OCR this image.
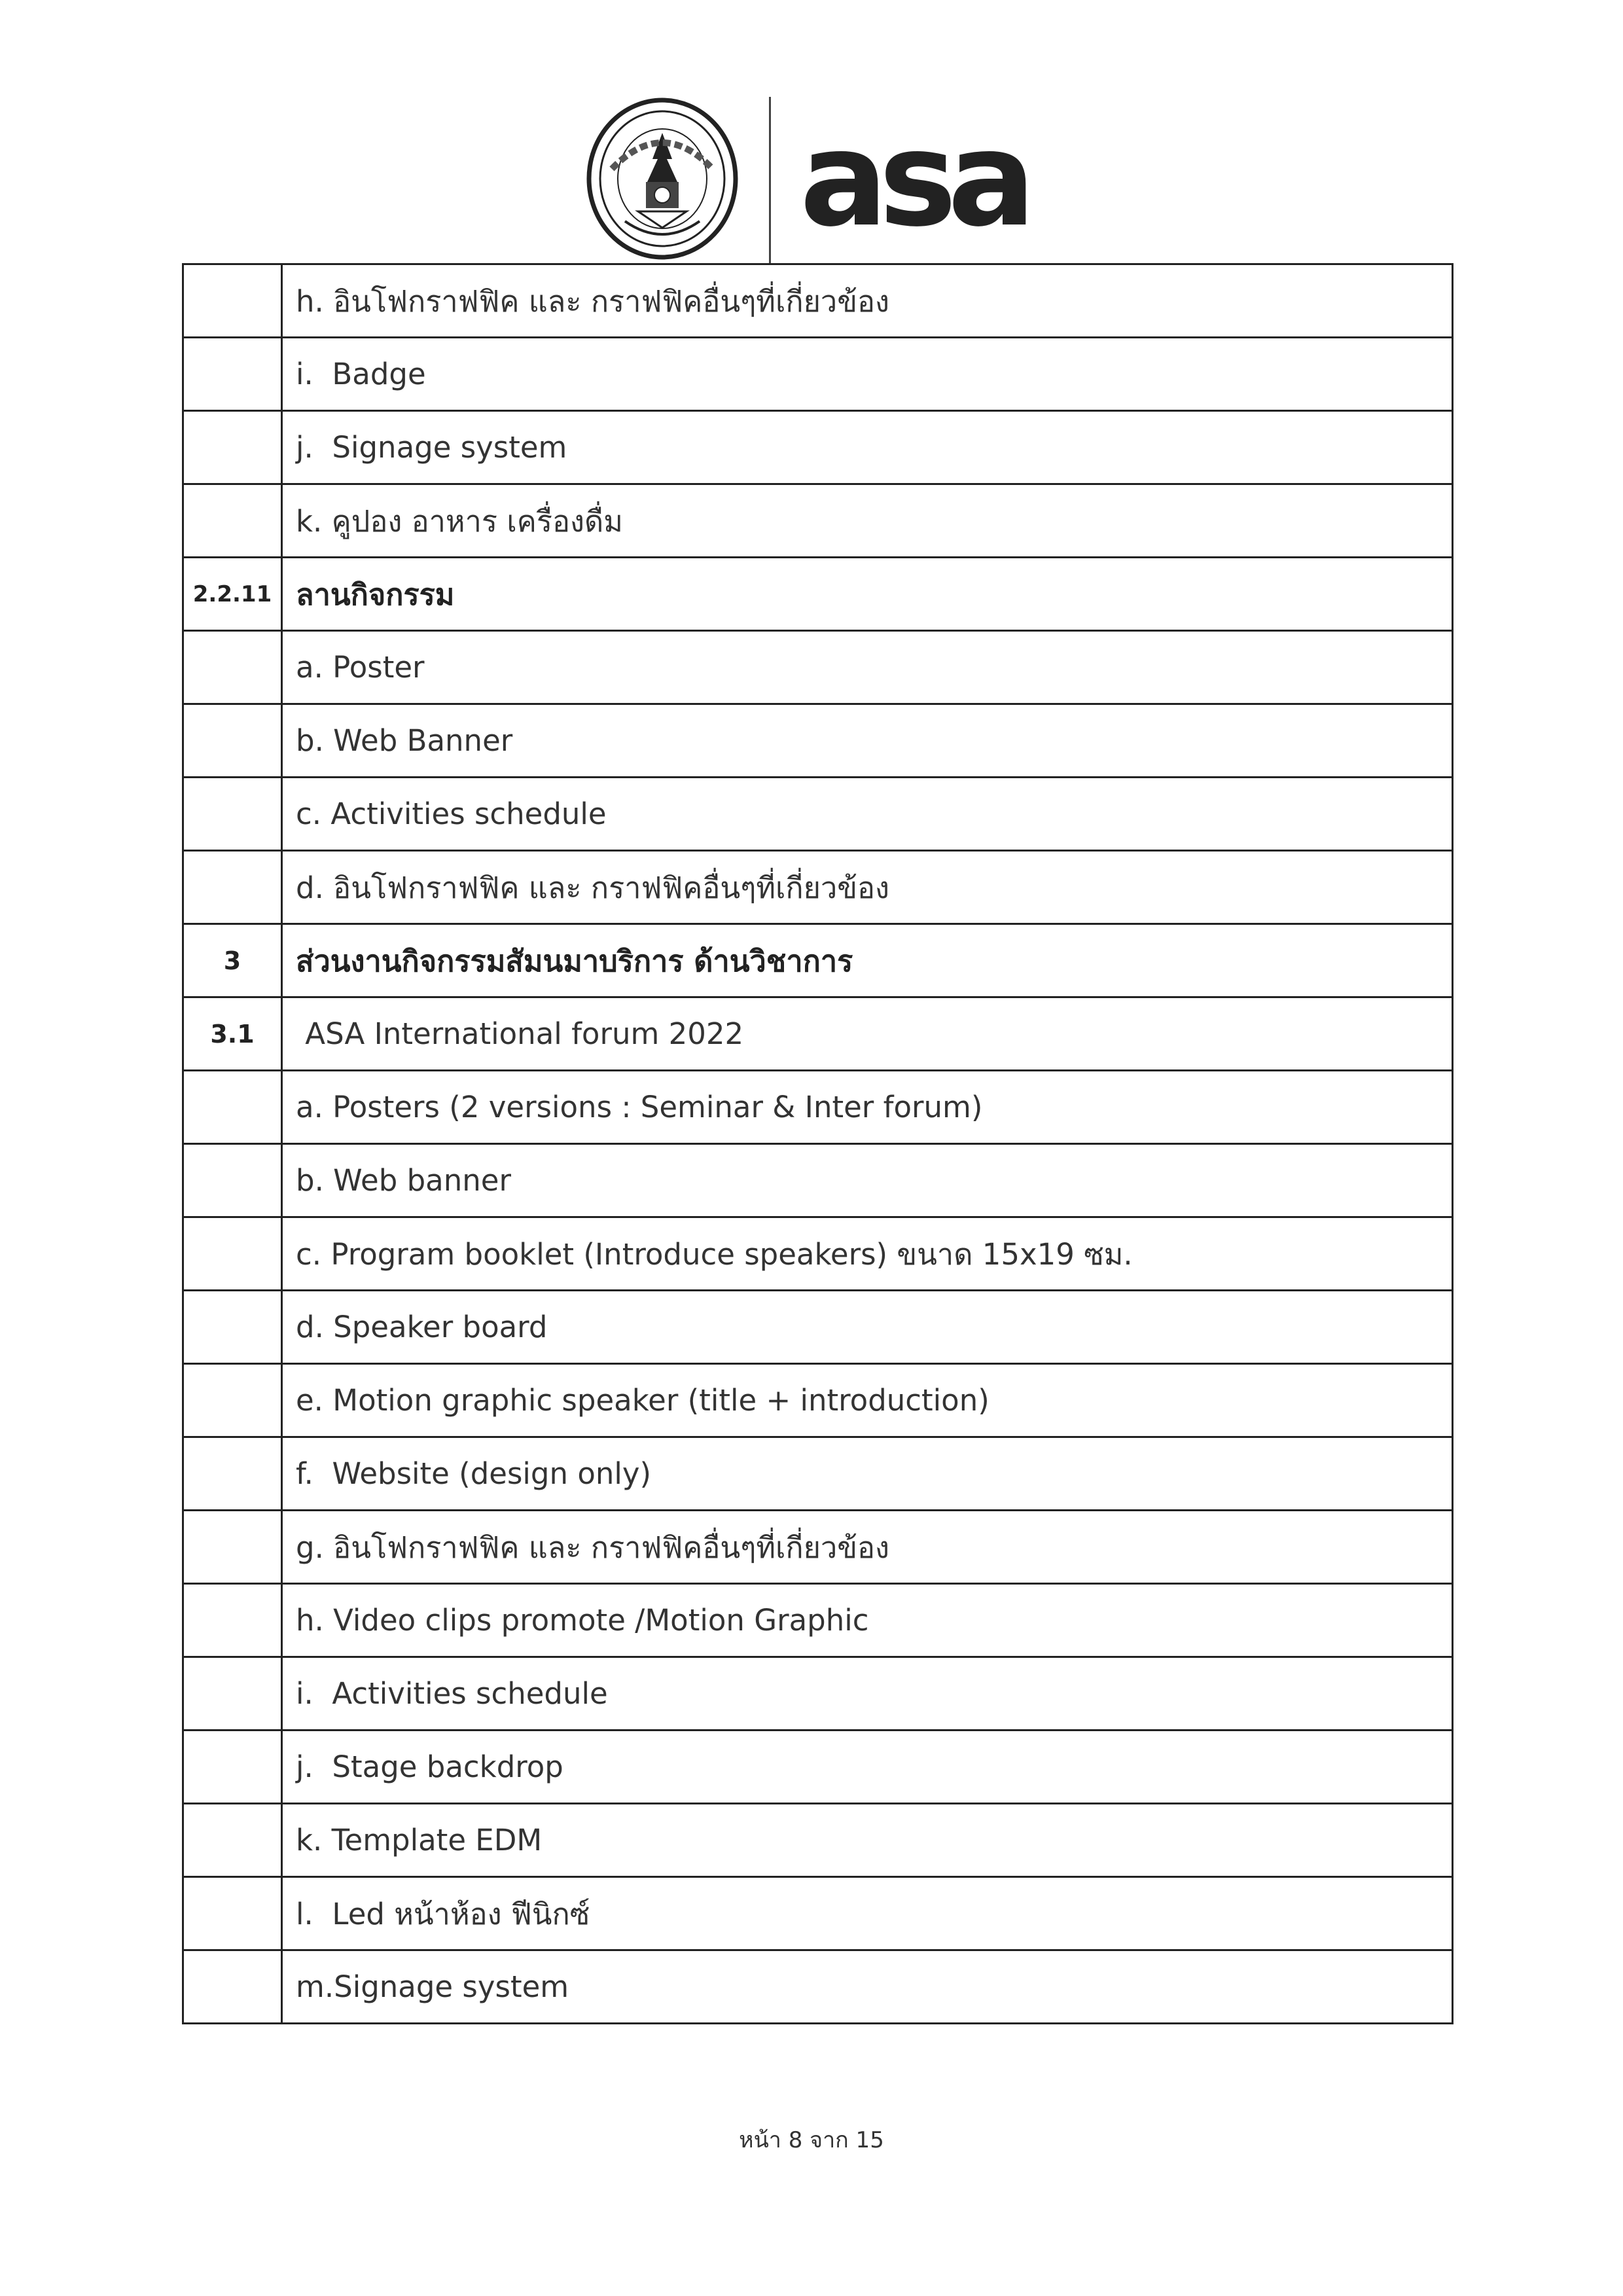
asa
	h. อินโฟกราฟฟิค และ กราฟฟิคอื่นๆที่เกี่ยวข้อง
	i.  Badge
	j.  Signage system
	k. คูปอง อาหาร เครื่องดื่ม
2.2.11	ลานกิจกรรม
	a. Poster
	b. Web Banner
	c. Activities schedule
	d. อินโฟกราฟฟิค และ กราฟฟิคอื่นๆที่เกี่ยวข้อง
3	ส่วนงานกิจกรรมสัมนมาบริการ ด้านวิชาการ
3.1	ASA International forum 2022
	a. Posters (2 versions : Seminar & Inter forum)
	b. Web banner
	c. Program booklet (Introduce speakers) ขนาด 15x19 ซม.
	d. Speaker board
	e. Motion graphic speaker (title + introduction)
	f.  Website (design only)
	g. อินโฟกราฟฟิค และ กราฟฟิคอื่นๆที่เกี่ยวข้อง
	h. Video clips promote /Motion Graphic
	i.  Activities schedule
	j.  Stage backdrop
	k. Template EDM
	l.  Led หน้าห้อง ฟีนิกซ์
	m.Signage system
หน้า 8 จาก 15
